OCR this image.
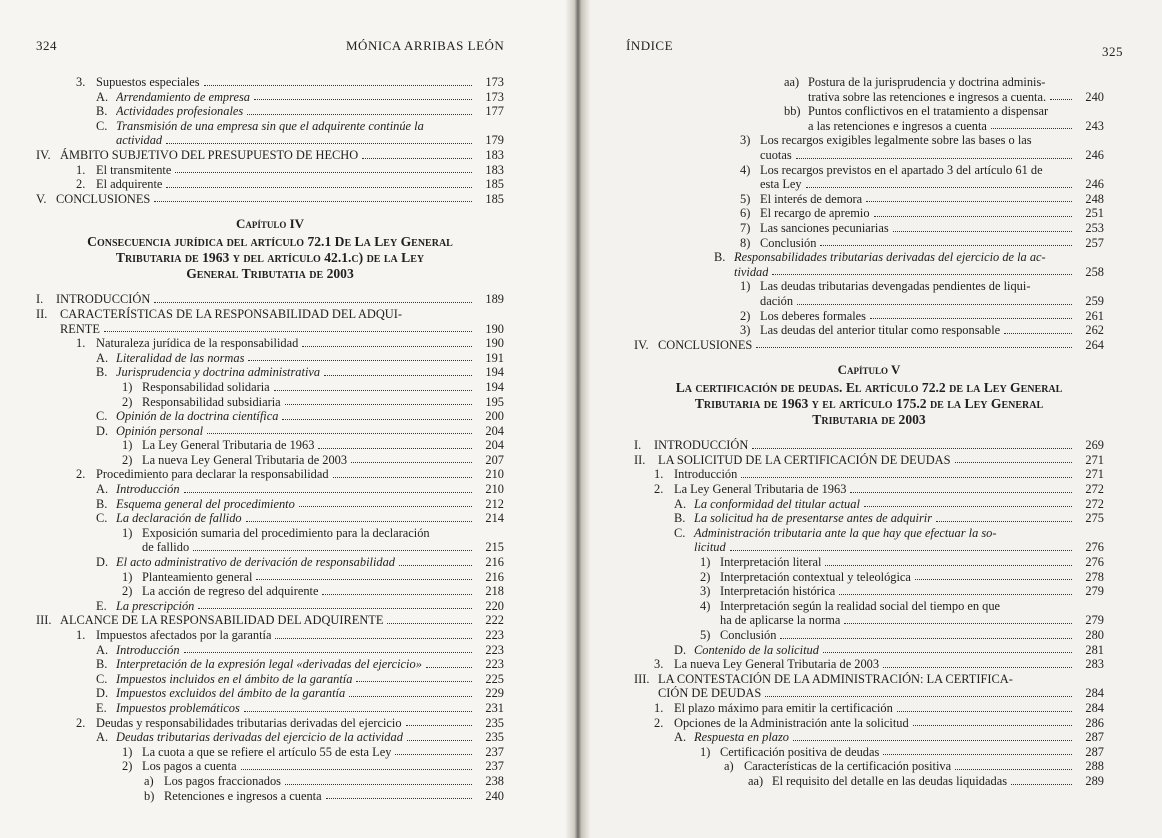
324	MÓNICA ARRIBAS LEÓN
3. Supuestos especiales	173
A. Arrendamiento de empresa	173
B. Actividades profesionales	177
C. Transmisión de una empresa sin que el adquirente continúe la
actividad	179
IV. ÁMBITO SUBJETIVO DEL PRESUPUESTO DE HECHO	183
1. El transmitente	183
2. El adquirente	185
V. CONCLUSIONES	185
Capítulo IV
Consecuencia jurídica del artículo 72.1 De La Ley General
Tributaria de 1963 y del artículo 42.1.c) de la Ley
General Tributatia de 2003
I.	INTRODUCCIÓN	189
II. CARACTERÍSTICAS DE LA RESPONSABILIDAD DEL ADQUI-
RENTE	190
1. Naturaleza jurídica de la responsabilidad	190
A. Literalidad de las normas	191
B. Jurisprudencia y doctrina administrativa	194
1) Responsabilidad solidaria	194
2) Responsabilidad subsidiaria	195
C. Opinión de la doctrina científica	200
D. Opinión personal	204
1) La Ley General Tributaria de 1963	204
2) La nueva Ley General Tributaria de 2003	207
2. Procedimiento para declarar la responsabilidad	210
A. Introducción	210
B. Esquema general del procedimiento	212
C. La declaración de fallido	214
1) Exposición sumaria del procedimiento para la declaración
de fallido	215
D. El acto administrativo de derivación de responsabilidad	216
1) Planteamiento general	216
2) La acción de regreso del adquirente	218
E. La prescripción	220
III. ALCANCE DE LA RESPONSABILIDAD DEL ADQUIRENTE	222
1. Impuestos afectados por la garantía	223
A. Introducción	223
B. Interpretación de la expresión legal «derivadas del ejercicio»	223
C. Impuestos incluidos en el ámbito de la garantía	225
D. Impuestos excluidos del ámbito de la garantía	229
E. Impuestos problemáticos	231
2. Deudas y responsabilidades tributarias derivadas del ejercicio	235
A. Deudas tributarias derivadas del ejercicio de la actividad	235
1) La cuota a que se refiere el artículo 55 de esta Ley	237
2) Los pagos a cuenta	237
a) Los pagos fraccionados	238
b) Retenciones e ingresos a cuenta	240
ÍNDICE	325
aa) Postura de la jurisprudencia y doctrina adminis-
trativa sobre las retenciones e ingresos a cuenta.	240
bb) Puntos conflictivos en el tratamiento a dispensar
a las retenciones e ingresos a cuenta	243
3) Los recargos exigibles legalmente sobre las bases o las
cuotas	246
4) Los recargos previstos en el apartado 3 del artículo 61 de
esta Ley	246
5) El interés de demora	248
6) El recargo de apremio	251
7) Las sanciones pecuniarias	253
8) Conclusión	257
B. Responsabilidades tributarias derivadas del ejercicio de la ac-
tividad	258
1) Las deudas tributarias devengadas pendientes de liqui-
dación	259
2) Los deberes formales	261
3) Las deudas del anterior titular como responsable	262
IV. CONCLUSIONES	264
Capítulo V
La certificación de deudas. El artículo 72.2 de la Ley General
Tributaria de 1963 y el artículo 175.2 de la Ley General
Tributaria de 2003
I.	INTRODUCCIÓN	269
II.	LA SOLICITUD DE LA CERTIFICACIÓN DE DEUDAS	271
1. Introducción	271
2. La Ley General Tributaria de 1963	272
A. La conformidad del titular actual	272
B. La solicitud ha de presentarse antes de adquirir	275
C. Administración tributaria ante la que hay que efectuar la so-
licitud	276
1) Interpretación literal	276
2) Interpretación contextual y teleológica	278
3) Interpretación histórica	279
4) Interpretación según la realidad social del tiempo en que
ha de aplicarse la norma	279
5) Conclusión	280
D. Contenido de la solicitud	281
3. La nueva Ley General Tributaria de 2003	283
III. LA CONTESTACIÓN DE LA ADMINISTRACIÓN: LA CERTIFICA-
CIÓN DE DEUDAS	284
1. El plazo máximo para emitir la certificación	284
2. Opciones de la Administración ante la solicitud	286
A. Respuesta en plazo	287
1) Certificación positiva de deudas	287
a) Características de la certificación positiva	288
aa) El requisito del detalle en las deudas liquidadas	289
